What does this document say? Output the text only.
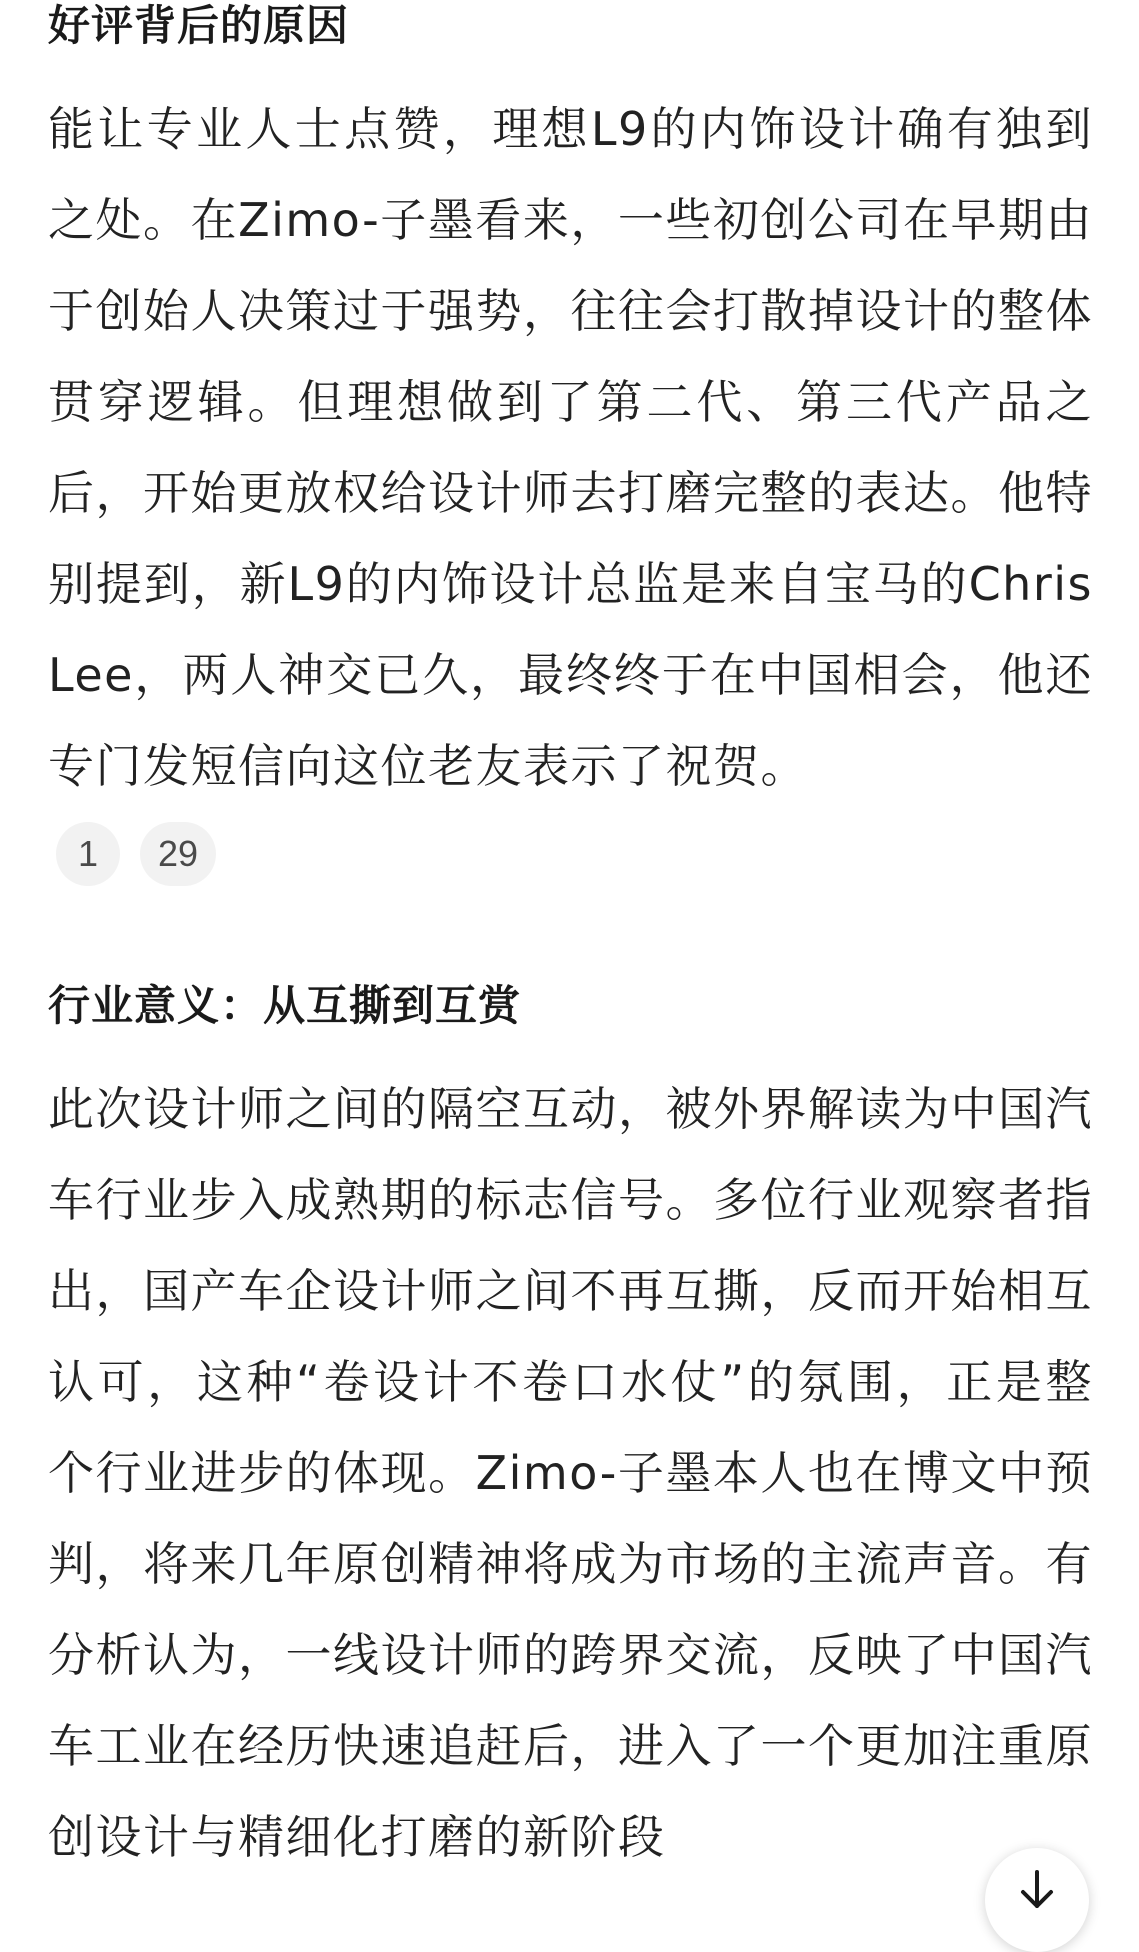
好评背后的原因

能让专业人士点赞，理想L9的内饰设计确有独到之处。在Zimo-子墨看来，一些初创公司在早期由于创始人决策过于强势，往往会打散掉设计的整体贯穿逻辑。但理想做到了第二代、第三代产品之后，开始更放权给设计师去打磨完整的表达。他特别提到，新L9的内饰设计总监是来自宝马的Chris Lee，两人神交已久，最终终于在中国相会，他还专门发短信向这位老友表示了祝贺。

1	29
行业意义：从互撕到互赏

此次设计师之间的隔空互动，被外界解读为中国汽车行业步入成熟期的标志信号。多位行业观察者指出，国产车企设计师之间不再互撕，反而开始相互认可，这种“卷设计不卷口水仗”的氛围，正是整个行业进步的体现。Zimo-子墨本人也在博文中预判，将来几年原创精神将成为市场的主流声音。有分析认为，一线设计师的跨界交流，反映了中国汽车工业在经历快速追赶后，进入了一个更加注重原创设计与精细化打磨的新阶段
